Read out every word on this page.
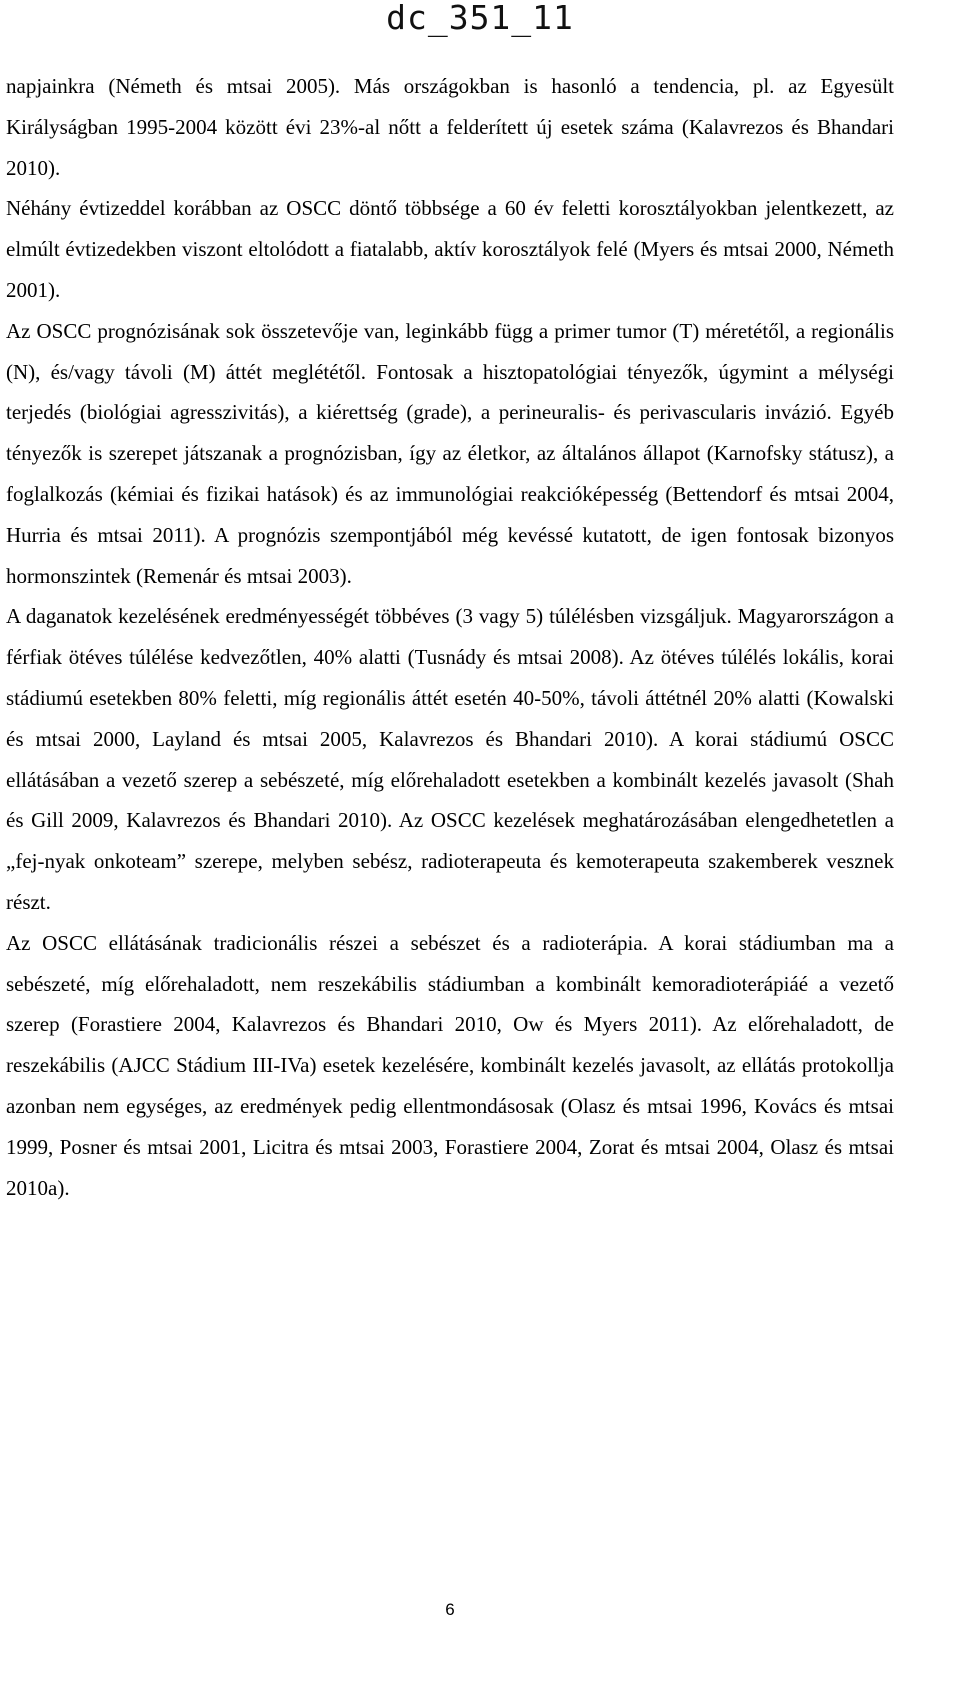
dc_351_11

napjainkra (Németh és mtsai 2005). Más országokban is hasonló a tendencia, pl. az Egyesült Királyságban 1995-2004 között évi 23%-al nőtt a felderített új esetek száma (Kalavrezos és Bhandari 2010).

Néhány évtizeddel korábban az OSCC döntő többsége a 60 év feletti korosztályokban jelentkezett, az elmúlt évtizedekben viszont eltolódott a fiatalabb, aktív korosztályok felé (Myers és mtsai 2000, Németh 2001).

Az OSCC prognózisának sok összetevője van, leginkább függ a primer tumor (T) méretétől, a regionális (N), és/vagy távoli (M) áttét meglététől. Fontosak a hisztopatológiai tényezők, úgymint a mélységi terjedés (biológiai agresszivitás), a kiérettség (grade), a perineuralis- és perivascularis invázió. Egyéb tényezők is szerepet játszanak a prognózisban, így az életkor, az általános állapot (Karnofsky státusz), a foglalkozás (kémiai és fizikai hatások) és az immunológiai reakcióképesség (Bettendorf és mtsai 2004, Hurria és mtsai 2011). A prognózis szempontjából még kevéssé kutatott, de igen fontosak bizonyos hormonszintek (Remenár és mtsai 2003).

A daganatok kezelésének eredményességét többéves (3 vagy 5) túlélésben vizsgáljuk. Magyarországon a férfiak ötéves túlélése kedvezőtlen, 40% alatti (Tusnády és mtsai 2008). Az ötéves túlélés lokális, korai stádiumú esetekben 80% feletti, míg regionális áttét esetén 40-50%, távoli áttétnél 20% alatti (Kowalski és mtsai 2000, Layland és mtsai 2005, Kalavrezos és Bhandari 2010). A korai stádiumú OSCC ellátásában a vezető szerep a sebészeté, míg előrehaladott esetekben a kombinált kezelés javasolt (Shah és Gill 2009, Kalavrezos és Bhandari 2010). Az OSCC kezelések meghatározásában elengedhetetlen a „fej-nyak onkoteam” szerepe, melyben sebész, radioterapeuta és kemoterapeuta szakemberek vesznek részt.

Az OSCC ellátásának tradicionális részei a sebészet és a radioterápia. A korai stádiumban ma a sebészeté, míg előrehaladott, nem reszekábilis stádiumban a kombinált kemoradioterápiáé a vezető szerep (Forastiere 2004, Kalavrezos és Bhandari 2010, Ow és Myers 2011). Az előrehaladott, de reszekábilis (AJCC Stádium III-IVa) esetek kezelésére, kombinált kezelés javasolt, az ellátás protokollja azonban nem egységes, az eredmények pedig ellentmondásosak (Olasz és mtsai 1996, Kovács és mtsai 1999, Posner és mtsai 2001, Licitra és mtsai 2003, Forastiere 2004, Zorat és mtsai 2004, Olasz és mtsai 2010a).

6
